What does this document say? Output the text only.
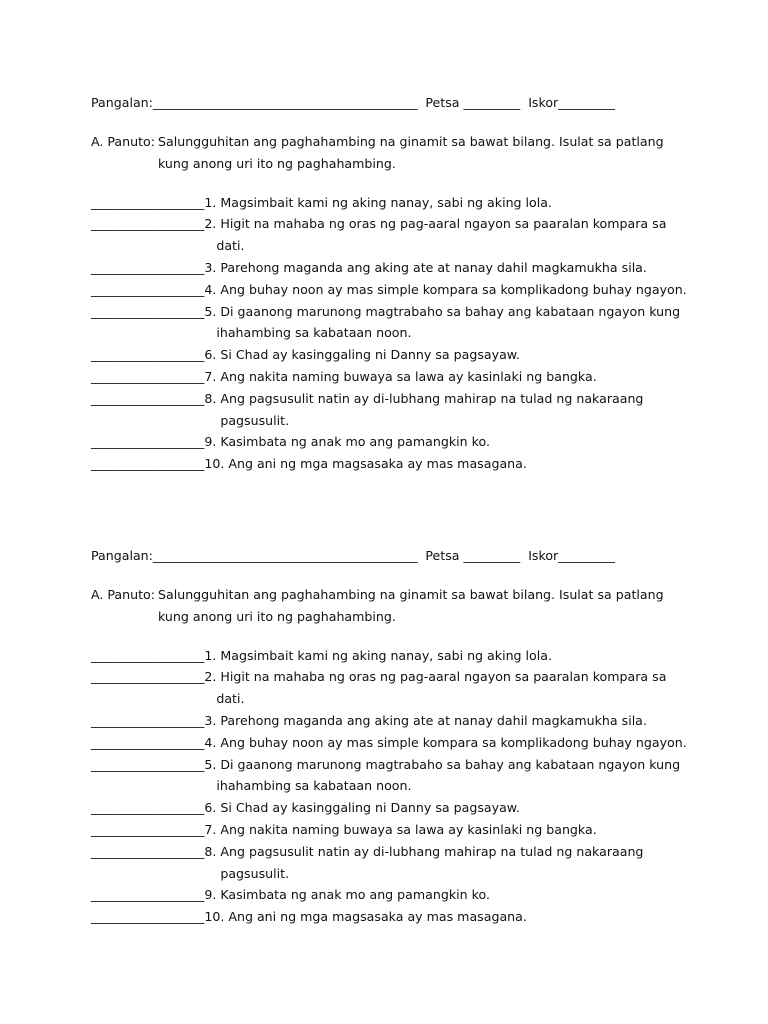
Pangalan:__________________________________________ Petsa _________ Iskor_________
A. Panuto: Salungguhitan ang paghahambing na ginamit sa bawat bilang. Isulat sa patlang kung anong uri ito ng paghahambing.
__________________ 1. Magsimbait kami ng aking nanay, sabi ng aking lola.
__________________ 2. Higit na mahaba ng oras ng pag-aaral ngayon sa paaralan kompara sa
dati.
__________________ 3. Parehong maganda ang aking ate at nanay dahil magkamukha sila.
__________________ 4. Ang buhay noon ay mas simple kompara sa komplikadong buhay ngayon.
__________________ 5. Di gaanong marunong magtrabaho sa bahay ang kabataan ngayon kung
ihahambing sa kabataan noon.
__________________ 6. Si Chad ay kasinggaling ni Danny sa pagsayaw.
__________________ 7. Ang nakita naming buwaya sa lawa ay kasinlaki ng bangka.
__________________ 8. Ang pagsusulit natin ay di-lubhang mahirap na tulad ng nakaraang
pagsusulit.
__________________ 9. Kasimbata ng anak mo ang pamangkin ko.
__________________ 10. Ang ani ng mga magsasaka ay mas masagana.
Pangalan:__________________________________________ Petsa _________ Iskor_________
A. Panuto: Salungguhitan ang paghahambing na ginamit sa bawat bilang. Isulat sa patlang kung anong uri ito ng paghahambing.
__________________ 1. Magsimbait kami ng aking nanay, sabi ng aking lola.
__________________ 2. Higit na mahaba ng oras ng pag-aaral ngayon sa paaralan kompara sa
dati.
__________________ 3. Parehong maganda ang aking ate at nanay dahil magkamukha sila.
__________________ 4. Ang buhay noon ay mas simple kompara sa komplikadong buhay ngayon.
__________________ 5. Di gaanong marunong magtrabaho sa bahay ang kabataan ngayon kung
ihahambing sa kabataan noon.
__________________ 6. Si Chad ay kasinggaling ni Danny sa pagsayaw.
__________________ 7. Ang nakita naming buwaya sa lawa ay kasinlaki ng bangka.
__________________ 8. Ang pagsusulit natin ay di-lubhang mahirap na tulad ng nakaraang
pagsusulit.
__________________ 9. Kasimbata ng anak mo ang pamangkin ko.
__________________ 10. Ang ani ng mga magsasaka ay mas masagana.
